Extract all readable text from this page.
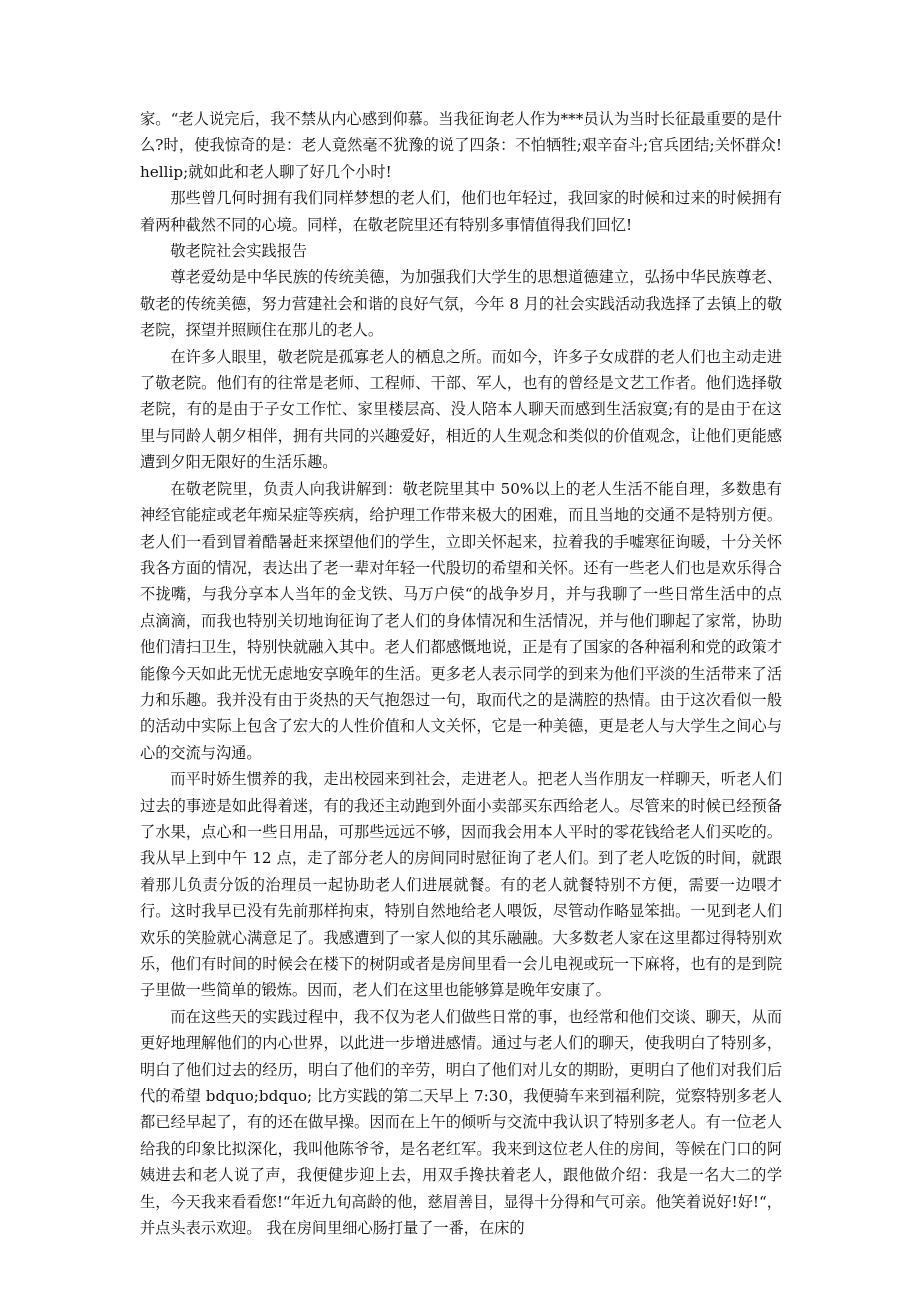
家。“老人说完后，我不禁从内心感到仰慕。当我征询老人作为***员认为当时长征最重要的是什么?时，使我惊奇的是：老人竟然毫不犹豫的说了四条：不怕牺牲;艰辛奋斗;官兵团结;关怀群众!hellip;就如此和老人聊了好几个小时!

那些曾几何时拥有我们同样梦想的老人们，他们也年轻过，我回家的时候和过来的时候拥有着两种截然不同的心境。同样，在敬老院里还有特别多事情值得我们回忆!

敬老院社会实践报告

尊老爱幼是中华民族的传统美德，为加强我们大学生的思想道德建立，弘扬中华民族尊老、敬老的传统美德，努力营建社会和谐的良好气氛，今年 8 月的社会实践活动我选择了去镇上的敬老院，探望并照顾住在那儿的老人。

在许多人眼里，敬老院是孤寡老人的栖息之所。而如今，许多子女成群的老人们也主动走进了敬老院。他们有的往常是老师、工程师、干部、军人，也有的曾经是文艺工作者。他们选择敬老院，有的是由于子女工作忙、家里楼层高、没人陪本人聊天而感到生活寂寞;有的是由于在这里与同龄人朝夕相伴，拥有共同的兴趣爱好，相近的人生观念和类似的价值观念，让他们更能感遭到夕阳无限好的生活乐趣。

在敬老院里，负责人向我讲解到：敬老院里其中 50%以上的老人生活不能自理，多数患有神经官能症或老年痴呆症等疾病，给护理工作带来极大的困难，而且当地的交通不是特别方便。 老人们一看到冒着酷暑赶来探望他们的学生，立即关怀起来，拉着我的手嘘寒征询暖，十分关怀我各方面的情况，表达出了老一辈对年轻一代殷切的希望和关怀。还有一些老人们也是欢乐得合不拢嘴，与我分享本人当年的金戈铁、马万户侯“的战争岁月，并与我聊了一些日常生活中的点点滴滴，而我也特别关切地询征询了老人们的身体情况和生活情况，并与他们聊起了家常，协助他们清扫卫生，特别快就融入其中。老人们都感慨地说，正是有了国家的各种福利和党的政策才能像今天如此无忧无虑地安享晚年的生活。更多老人表示同学的到来为他们平淡的生活带来了活力和乐趣。我并没有由于炎热的天气抱怨过一句，取而代之的是满腔的热情。由于这次看似一般的活动中实际上包含了宏大的人性价值和人文关怀，它是一种美德，更是老人与大学生之间心与心的交流与沟通。

而平时娇生惯养的我，走出校园来到社会，走进老人。把老人当作朋友一样聊天，听老人们过去的事迹是如此得着迷，有的我还主动跑到外面小卖部买东西给老人。尽管来的时候已经预备了水果，点心和一些日用品，可那些远远不够，因而我会用本人平时的零花钱给老人们买吃的。我从早上到中午 12 点，走了部分老人的房间同时慰征询了老人们。到了老人吃饭的时间，就跟着那儿负责分饭的治理员一起协助老人们进展就餐。有的老人就餐特别不方便，需要一边喂才行。这时我早已没有先前那样拘束，特别自然地给老人喂饭，尽管动作略显笨拙。一见到老人们欢乐的笑脸就心满意足了。我感遭到了一家人似的其乐融融。大多数老人家在这里都过得特别欢乐，他们有时间的时候会在楼下的树阴或者是房间里看一会儿电视或玩一下麻将，也有的是到院子里做一些简单的锻炼。因而，老人们在这里也能够算是晚年安康了。

而在这些天的实践过程中，我不仅为老人们做些日常的事，也经常和他们交谈、聊天，从而更好地理解他们的内心世界，以此进一步增进感情。通过与老人们的聊天，使我明白了特别多，明白了他们过去的经历，明白了他们的辛劳，明白了他们对儿女的期盼，更明白了他们对我们后代的希望 bdquo;bdquo; 比方实践的第二天早上 7:30，我便骑车来到福利院，觉察特别多老人都已经早起了，有的还在做早操。因而在上午的倾听与交流中我认识了特别多老人。有一位老人给我的印象比拟深化，我叫他陈爷爷，是名老红军。我来到这位老人住的房间，等候在门口的阿姨进去和老人说了声，我便健步迎上去，用双手搀扶着老人，跟他做介绍：我是一名大二的学生，今天我来看看您!“年近九旬高龄的他，慈眉善目，显得十分得和气可亲。他笑着说好!好!“，并点头表示欢迎。 我在房间里细心肠打量了一番，在床的
